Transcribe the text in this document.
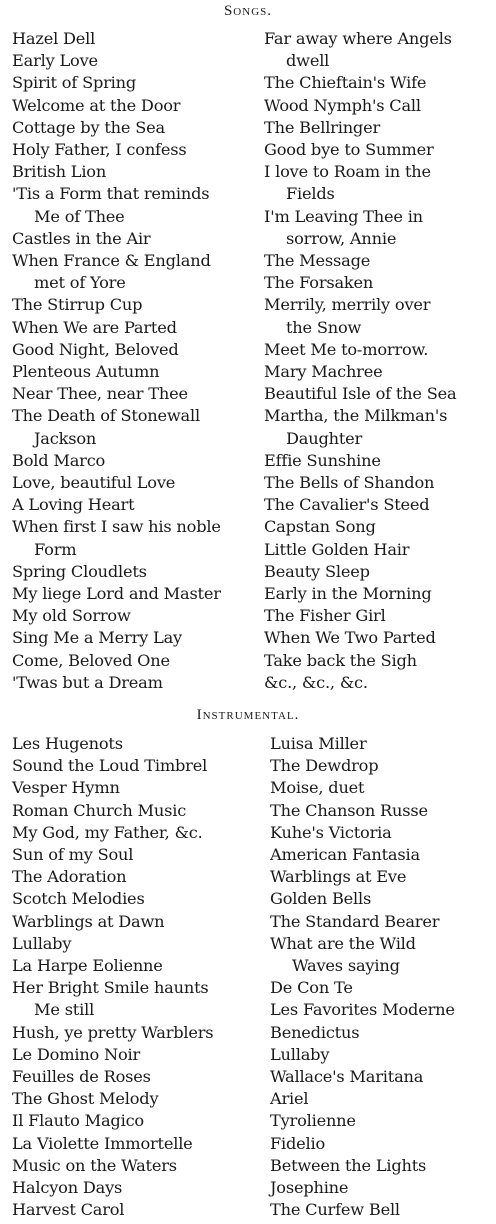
Songs.
Hazel Dell
Early Love
Spirit of Spring
Welcome at the Door
Cottage by the Sea
Holy Father, I confess
British Lion
'Tis a Form that reminds
Me of Thee
Castles in the Air
When France & England
met of Yore
The Stirrup Cup
When We are Parted
Good Night, Beloved
Plenteous Autumn
Near Thee, near Thee
The Death of Stonewall
Jackson
Bold Marco
Love, beautiful Love
A Loving Heart
When first I saw his noble
Form
Spring Cloudlets
My liege Lord and Master
My old Sorrow
Sing Me a Merry Lay
Come, Beloved One
'Twas but a Dream
Far away where Angels
dwell
The Chieftain's Wife
Wood Nymph's Call
The Bellringer
Good bye to Summer
I love to Roam in the
Fields
I'm Leaving Thee in
sorrow, Annie
The Message
The Forsaken
Merrily, merrily over
the Snow
Meet Me to-morrow.
Mary Machree
Beautiful Isle of the Sea
Martha, the Milkman's
Daughter
Effie Sunshine
The Bells of Shandon
The Cavalier's Steed
Capstan Song
Little Golden Hair
Beauty Sleep
Early in the Morning
The Fisher Girl
When We Two Parted
Take back the Sigh
&c., &c., &c.
Instrumental.
Les Hugenots
Sound the Loud Timbrel
Vesper Hymn
Roman Church Music
My God, my Father, &c.
Sun of my Soul
The Adoration
Scotch Melodies
Warblings at Dawn
Lullaby
La Harpe Eolienne
Her Bright Smile haunts
Me still
Hush, ye pretty Warblers
Le Domino Noir
Feuilles de Roses
The Ghost Melody
Il Flauto Magico
La Violette Immortelle
Music on the Waters
Halcyon Days
Harvest Carol
Luisa Miller
The Dewdrop
Moise, duet
The Chanson Russe
Kuhe's Victoria
American Fantasia
Warblings at Eve
Golden Bells
The Standard Bearer
What are the Wild
Waves saying
De Con Te
Les Favorites Moderne
Benedictus
Lullaby
Wallace's Maritana
Ariel
Tyrolienne
Fidelio
Between the Lights
Josephine
The Curfew Bell
